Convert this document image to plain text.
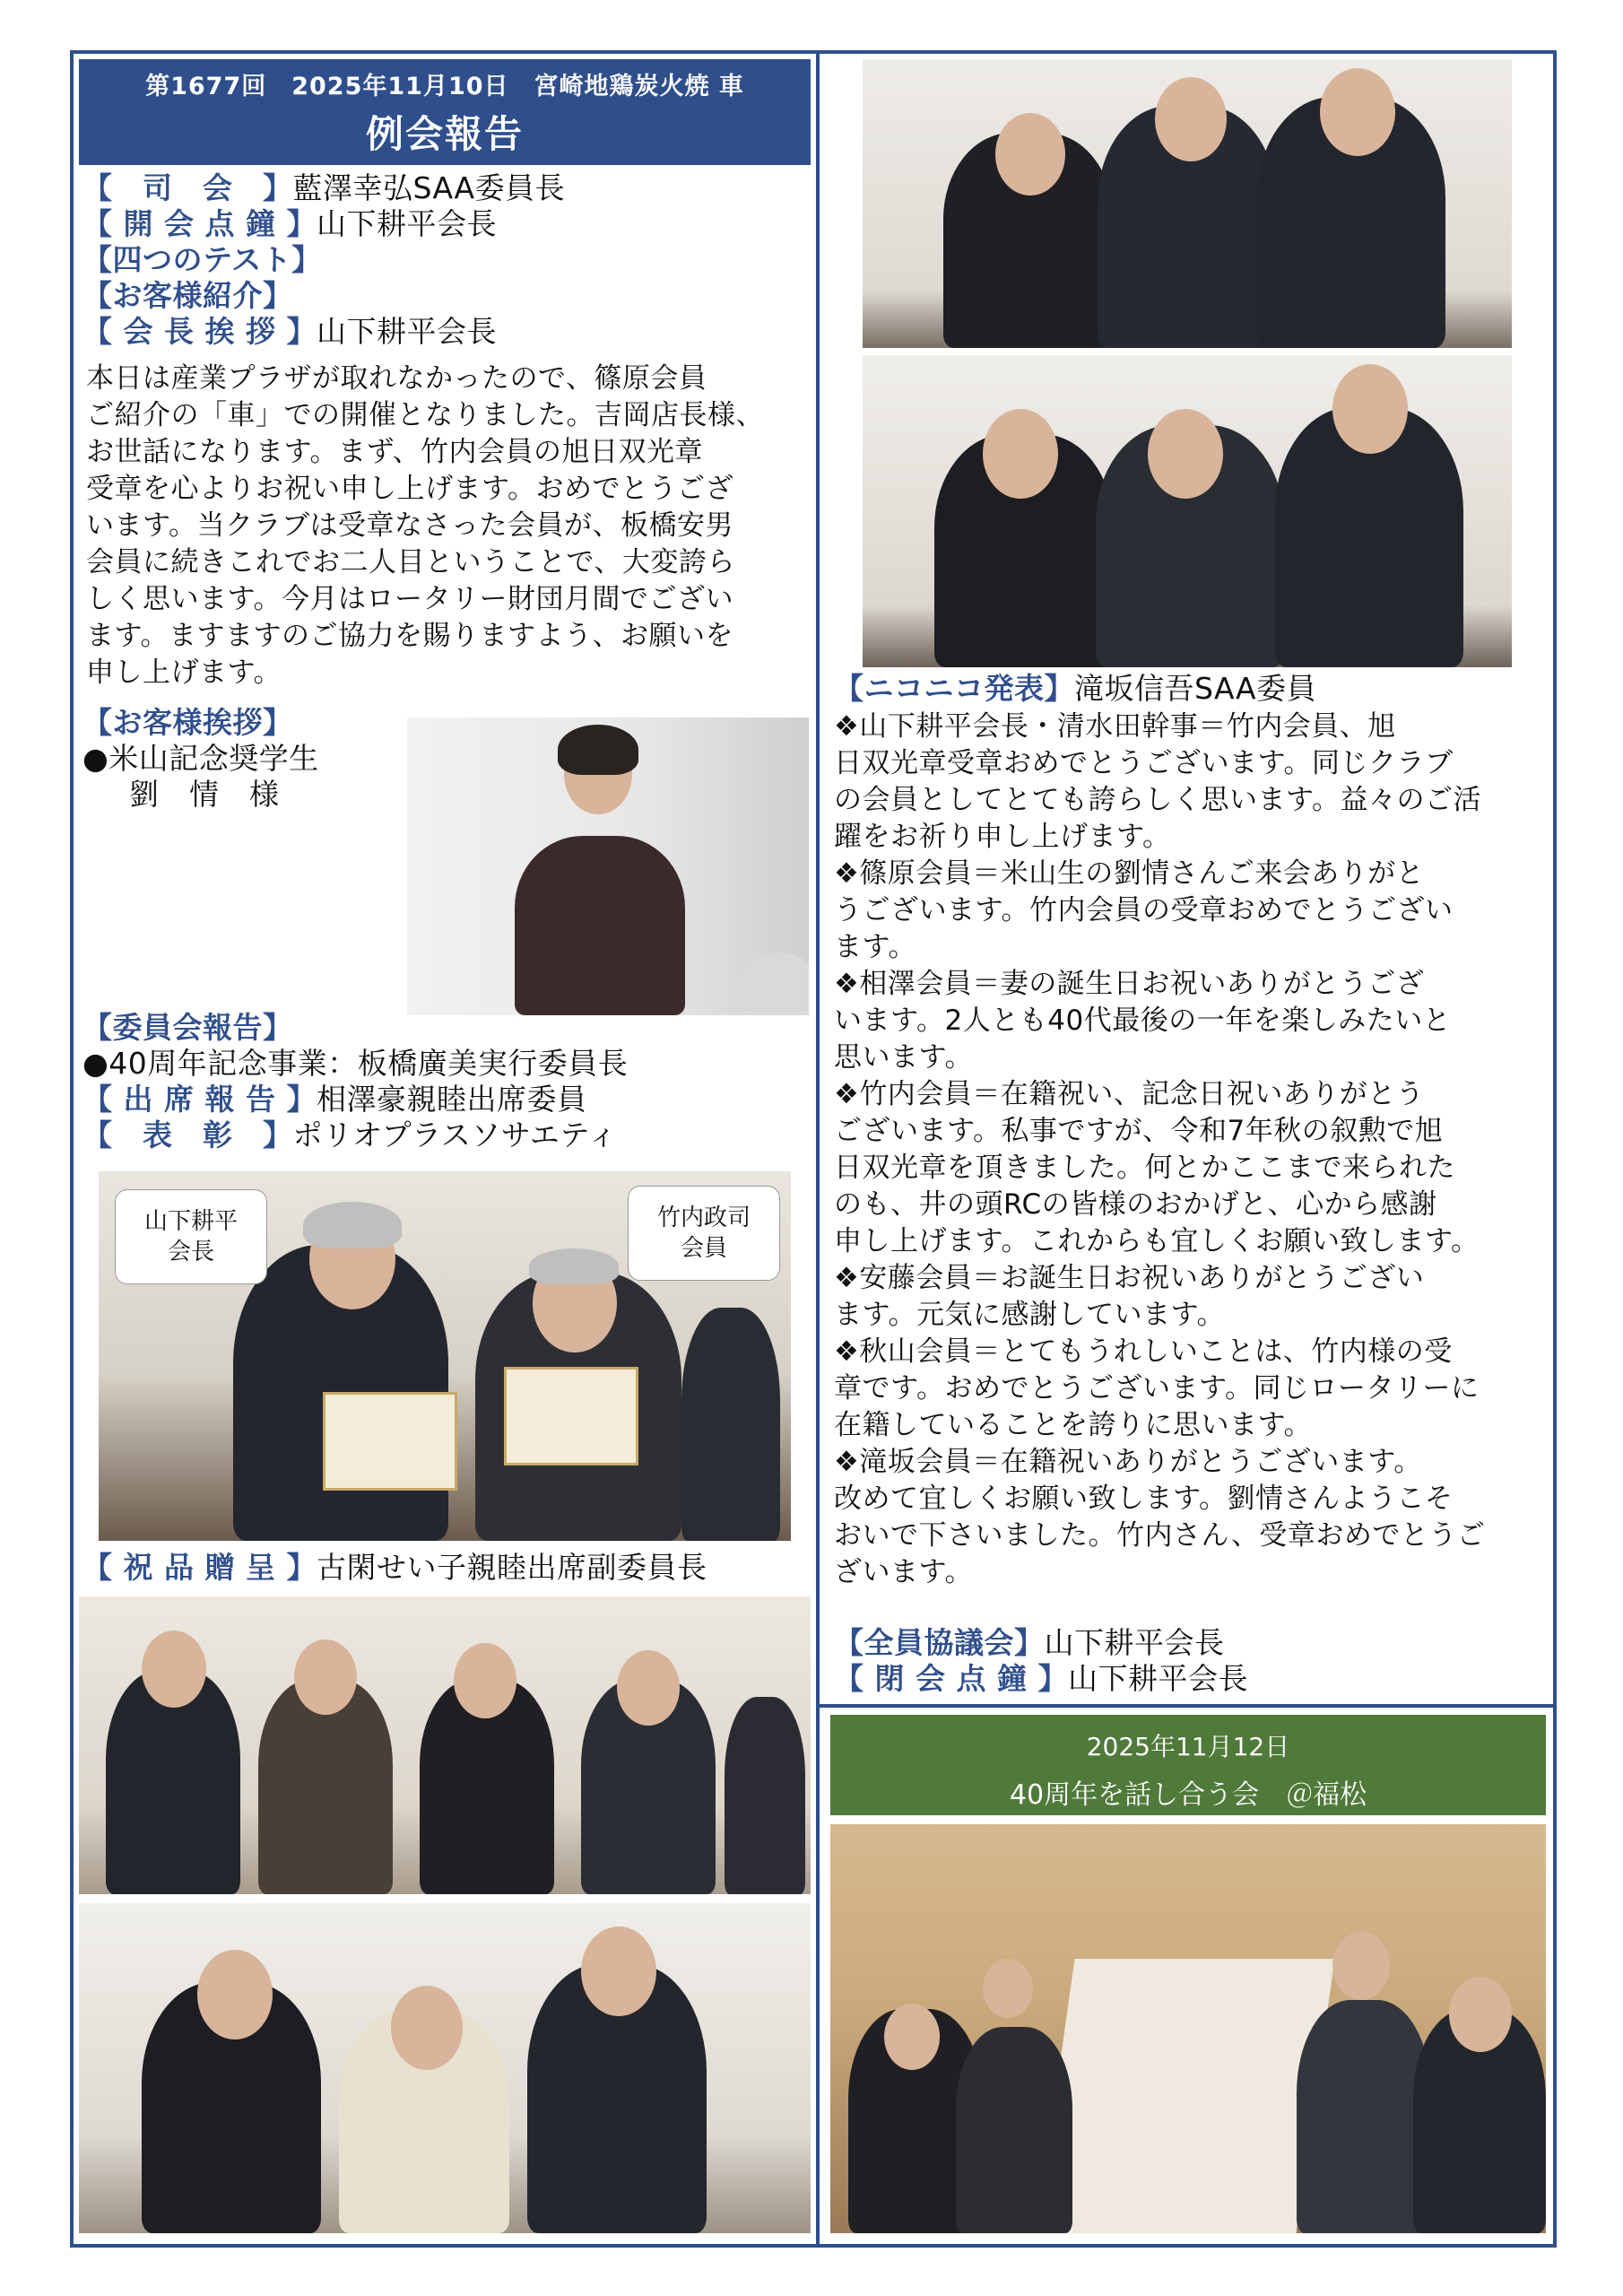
第1677回　2025年11月10日　宮崎地鶏炭火焼 車
例会報告
【　司　会　】藍澤幸弘SAA委員長
【 開 会 点 鐘 】山下耕平会長
【四つのテスト】
【お客様紹介】
【 会 長 挨 拶 】山下耕平会長
本日は産業プラザが取れなかったので、篠原会員
ご紹介の「車」での開催となりました。吉岡店長様、
お世話になります。まず、竹内会員の旭日双光章
受章を心よりお祝い申し上げます。おめでとうござ
います。当クラブは受章なさった会員が、板橋安男
会員に続きこれでお二人目ということで、大変誇ら
しく思います。今月はロータリー財団月間でござい
ます。ますますのご協力を賜りますよう、お願いを
申し上げます。
【お客様挨拶】
●米山記念奨学生
劉　情　様
【委員会報告】
●40周年記念事業：板橋廣美実行委員長
【 出 席 報 告 】相澤豪親睦出席委員
【　表　彰　】ポリオプラスソサエティ
山下耕平
会長
竹内政司
会員
【 祝 品 贈 呈 】古閑せい子親睦出席副委員長
【ニコニコ発表】滝坂信吾SAA委員
❖山下耕平会長・清水田幹事＝竹内会員、旭
日双光章受章おめでとうございます。同じクラブ
の会員としてとても誇らしく思います。益々のご活
躍をお祈り申し上げます。
❖篠原会員＝米山生の劉情さんご来会ありがと
うございます。竹内会員の受章おめでとうござい
ます。
❖相澤会員＝妻の誕生日お祝いありがとうござ
います。2人とも40代最後の一年を楽しみたいと
思います。
❖竹内会員＝在籍祝い、記念日祝いありがとう
ございます。私事ですが、令和7年秋の叙勲で旭
日双光章を頂きました。何とかここまで来られた
のも、井の頭RCの皆様のおかげと、心から感謝
申し上げます。これからも宜しくお願い致します。
❖安藤会員＝お誕生日お祝いありがとうござい
ます。元気に感謝しています。
❖秋山会員＝とてもうれしいことは、竹内様の受
章です。おめでとうございます。同じロータリーに
在籍していることを誇りに思います。
❖滝坂会員＝在籍祝いありがとうございます。
改めて宜しくお願い致します。劉情さんようこそ
おいで下さいました。竹内さん、受章おめでとうご
ざいます。
【全員協議会】山下耕平会長
【 閉 会 点 鐘 】山下耕平会長
2025年11月12日
40周年を話し合う会　＠福松
